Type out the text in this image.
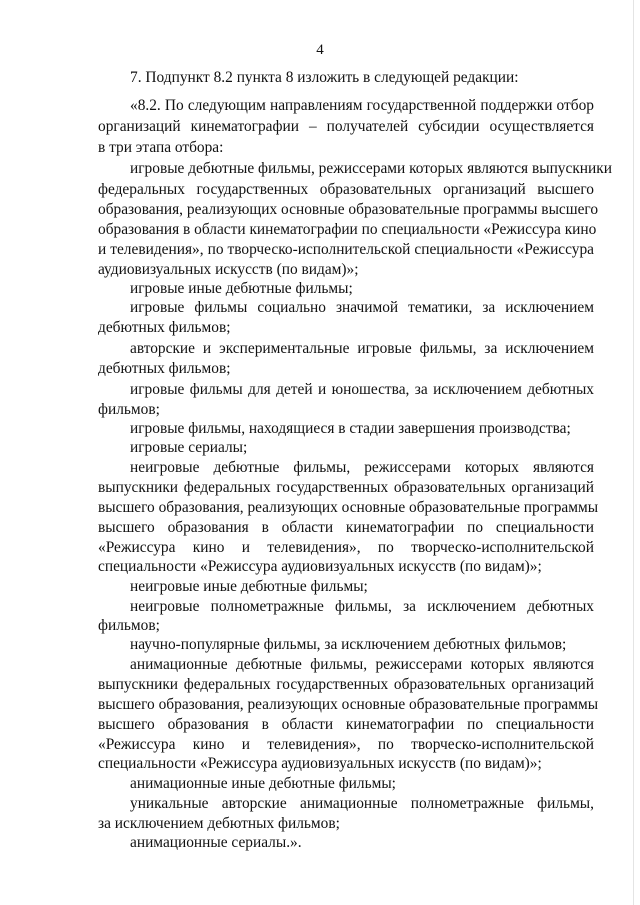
4
7. Подпункт 8.2 пункта 8 изложить в следующей редакции:
«8.2. По следующим направлениям государственной поддержки отбор
организаций кинематографии – получателей субсидии осуществляется
в три этапа отбора:
игровые дебютные фильмы, режиссерами которых являются выпускники
федеральных государственных образовательных организаций высшего
образования, реализующих основные образовательные программы высшего
образования в области кинематографии по специальности «Режиссура кино
и телевидения», по творческо-исполнительской специальности «Режиссура
аудиовизуальных искусств (по видам)»;
игровые иные дебютные фильмы;
игровые фильмы социально значимой тематики, за исключением
дебютных фильмов;
авторские и экспериментальные игровые фильмы, за исключением
дебютных фильмов;
игровые фильмы для детей и юношества, за исключением дебютных
фильмов;
игровые фильмы, находящиеся в стадии завершения производства;
игровые сериалы;
неигровые дебютные фильмы, режиссерами которых являются
выпускники федеральных государственных образовательных организаций
высшего образования, реализующих основные образовательные программы
высшего образования в области кинематографии по специальности
«Режиссура кино и телевидения», по творческо-исполнительской
специальности «Режиссура аудиовизуальных искусств (по видам)»;
неигровые иные дебютные фильмы;
неигровые полнометражные фильмы, за исключением дебютных
фильмов;
научно-популярные фильмы, за исключением дебютных фильмов;
анимационные дебютные фильмы, режиссерами которых являются
выпускники федеральных государственных образовательных организаций
высшего образования, реализующих основные образовательные программы
высшего образования в области кинематографии по специальности
«Режиссура кино и телевидения», по творческо-исполнительской
специальности «Режиссура аудиовизуальных искусств (по видам)»;
анимационные иные дебютные фильмы;
уникальные авторские анимационные полнометражные фильмы,
за исключением дебютных фильмов;
анимационные сериалы.».
